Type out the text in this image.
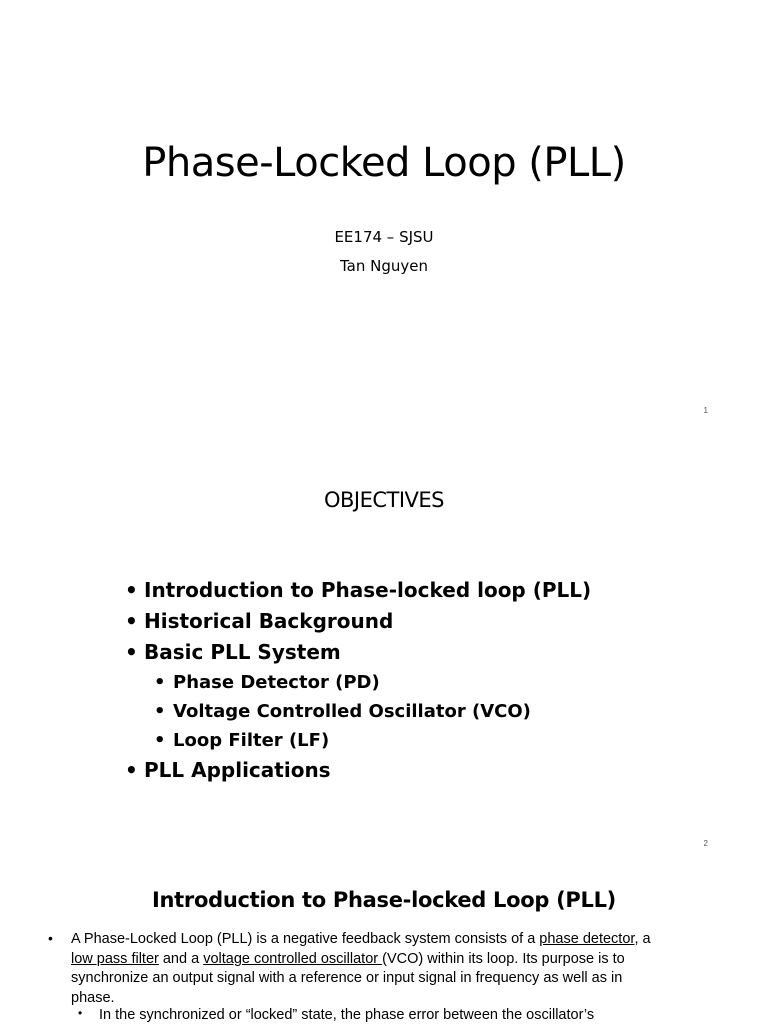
Phase-Locked Loop (PLL)
EE174 – SJSU
Tan Nguyen
1
OBJECTIVES
• Introduction to Phase-locked loop (PLL)
• Historical Background
• Basic PLL System
• Phase Detector (PD)
• Voltage Controlled Oscillator (VCO)
• Loop Filter (LF)
• PLL Applications
2
Introduction to Phase-locked Loop (PLL)
• A Phase-Locked Loop (PLL) is a negative feedback system consists of a phase detector, a low pass filter and a voltage controlled oscillator (VCO) within its loop. Its purpose is to synchronize an output signal with a reference or input signal in frequency as well as in phase.
• In the synchronized or “locked” state, the phase error between the oscillator’s
